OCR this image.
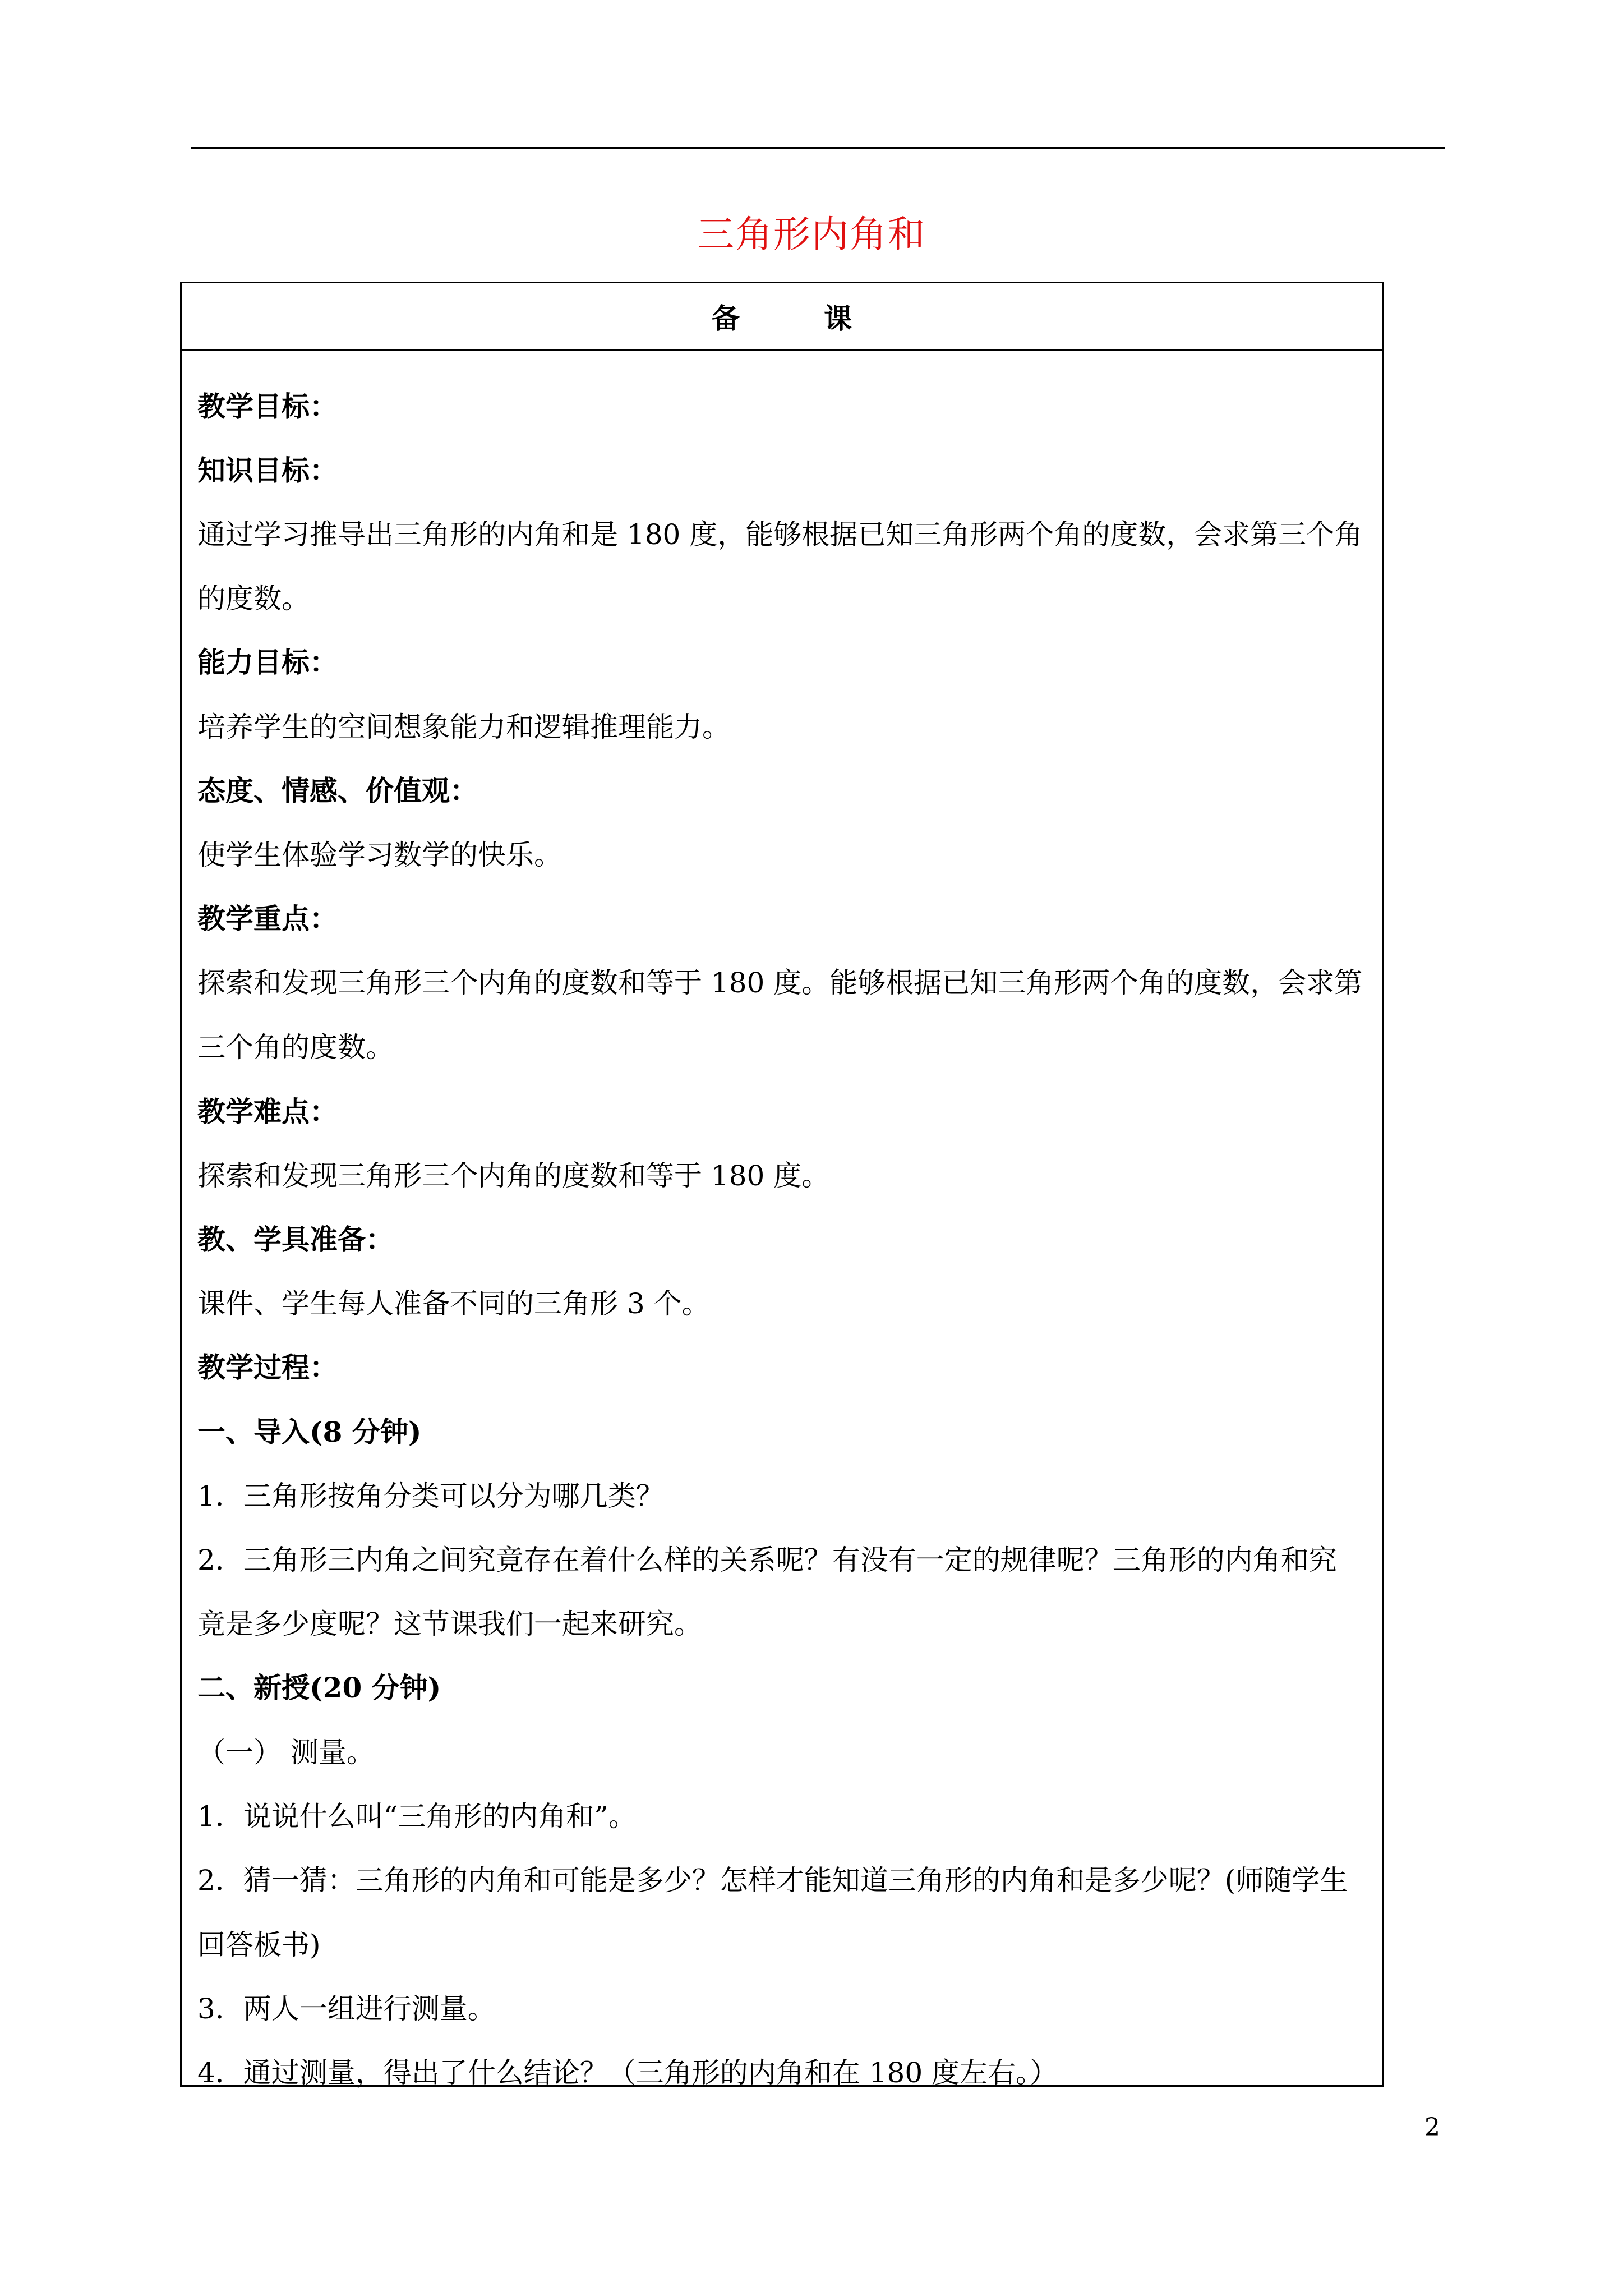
三角形内角和
备课
教学目标：
知识目标：
通过学习推导出三角形的内角和是 180 度，能够根据已知三角形两个角的度数，会求第三个角
的度数。
能力目标：
培养学生的空间想象能力和逻辑推理能力。
态度、情感、价值观：
使学生体验学习数学的快乐。
教学重点：
探索和发现三角形三个内角的度数和等于 180 度。能够根据已知三角形两个角的度数，会求第
三个角的度数。
教学难点：
探索和发现三角形三个内角的度数和等于 180 度。
教、学具准备：
课件、学生每人准备不同的三角形 3 个。
教学过程：
一、导入(8 分钟)
1．三角形按角分类可以分为哪几类？
2．三角形三内角之间究竟存在着什么样的关系呢？有没有一定的规律呢？三角形的内角和究
竟是多少度呢？这节课我们一起来研究。
二、新授(20 分钟)
（一） 测量。
1．说说什么叫“三角形的内角和”。
2．猜一猜：三角形的内角和可能是多少？怎样才能知道三角形的内角和是多少呢？(师随学生
回答板书)
3．两人一组进行测量。
4．通过测量，得出了什么结论？（三角形的内角和在 180 度左右。）
2
